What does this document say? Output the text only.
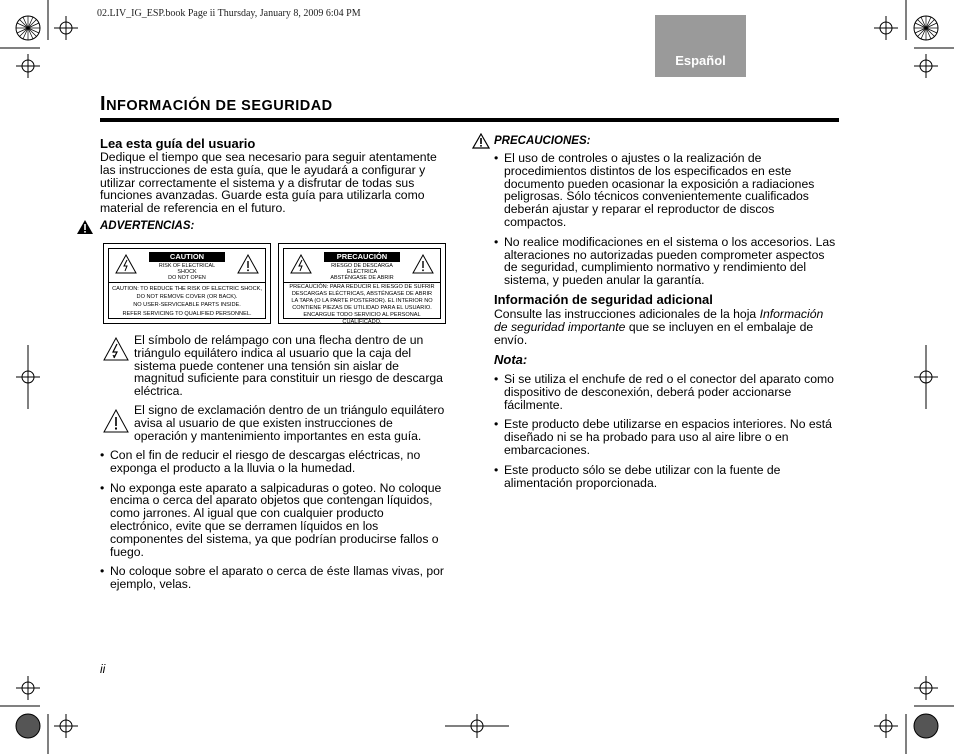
02.LIV_IG_ESP.book Page ii Thursday, January 8, 2009 6:04 PM
Español
INFORMACIÓN DE SEGURIDAD
Lea esta guía del usuario
Dedique el tiempo que sea necesario para seguir atentamente las instrucciones de esta guía, que le ayudará a configurar y utilizar correctamente el sistema y a disfrutar de todas sus funciones avanzadas. Guarde esta guía para utilizarla como material de referencia en el futuro.
ADVERTENCIAS:
CAUTION
RISK OF ELECTRICAL SHOCK
DO NOT OPEN
CAUTION: TO REDUCE THE RISK OF ELECTRIC SHOCK,
DO NOT REMOVE COVER (OR BACK).
NO USER-SERVICEABLE PARTS INSIDE.
REFER SERVICING TO QUALIFIED PERSONNEL.
PRECAUCIÓN
RIESGO DE DESCARGA ELÉCTRICA
ABSTÉNGASE DE ABRIR
PRECAUCIÓN: PARA REDUCIR EL RIESGO DE SUFRIR
DESCARGAS ELÉCTRICAS, ABSTÉNGASE DE ABRIR
LA TAPA (O LA PARTE POSTERIOR). EL INTERIOR NO
CONTIENE PIEZAS DE UTILIDAD PARA EL USUARIO.
ENCARGUE TODO SERVICIO AL PERSONAL CUALIFICADO.
El símbolo de relámpago con una flecha dentro de un triángulo equilátero indica al usuario que la caja del sistema puede contener una tensión sin aislar de magnitud suficiente para constituir un riesgo de descarga eléctrica.
El signo de exclamación dentro de un triángulo equilátero avisa al usuario de que existen instrucciones de operación y mantenimiento importantes en esta guía.
• Con el fin de reducir el riesgo de descargas eléctricas, no exponga el producto a la lluvia o la humedad.
• No exponga este aparato a salpicaduras o goteo. No coloque encima o cerca del aparato objetos que contengan líquidos, como jarrones. Al igual que con cualquier producto electrónico, evite que se derramen líquidos en los componentes del sistema, ya que podrían producirse fallos o fuego.
• No coloque sobre el aparato o cerca de éste llamas vivas, por ejemplo, velas.
PRECAUCIONES:
• El uso de controles o ajustes o la realización de procedimientos distintos de los especificados en este documento pueden ocasionar la exposición a radiaciones peligrosas. Sólo técnicos convenientemente cualificados deberán ajustar y reparar el reproductor de discos compactos.
• No realice modificaciones en el sistema o los accesorios. Las alteraciones no autorizadas pueden comprometer aspectos de seguridad, cumplimiento normativo y rendimiento del sistema, y pueden anular la garantía.
Información de seguridad adicional
Consulte las instrucciones adicionales de la hoja Información de seguridad importante que se incluyen en el embalaje de envío.
Nota:
• Si se utiliza el enchufe de red o el conector del aparato como dispositivo de desconexión, deberá poder accionarse fácilmente.
• Este producto debe utilizarse en espacios interiores. No está diseñado ni se ha probado para uso al aire libre o en embarcaciones.
• Este producto sólo se debe utilizar con la fuente de alimentación proporcionada.
ii
